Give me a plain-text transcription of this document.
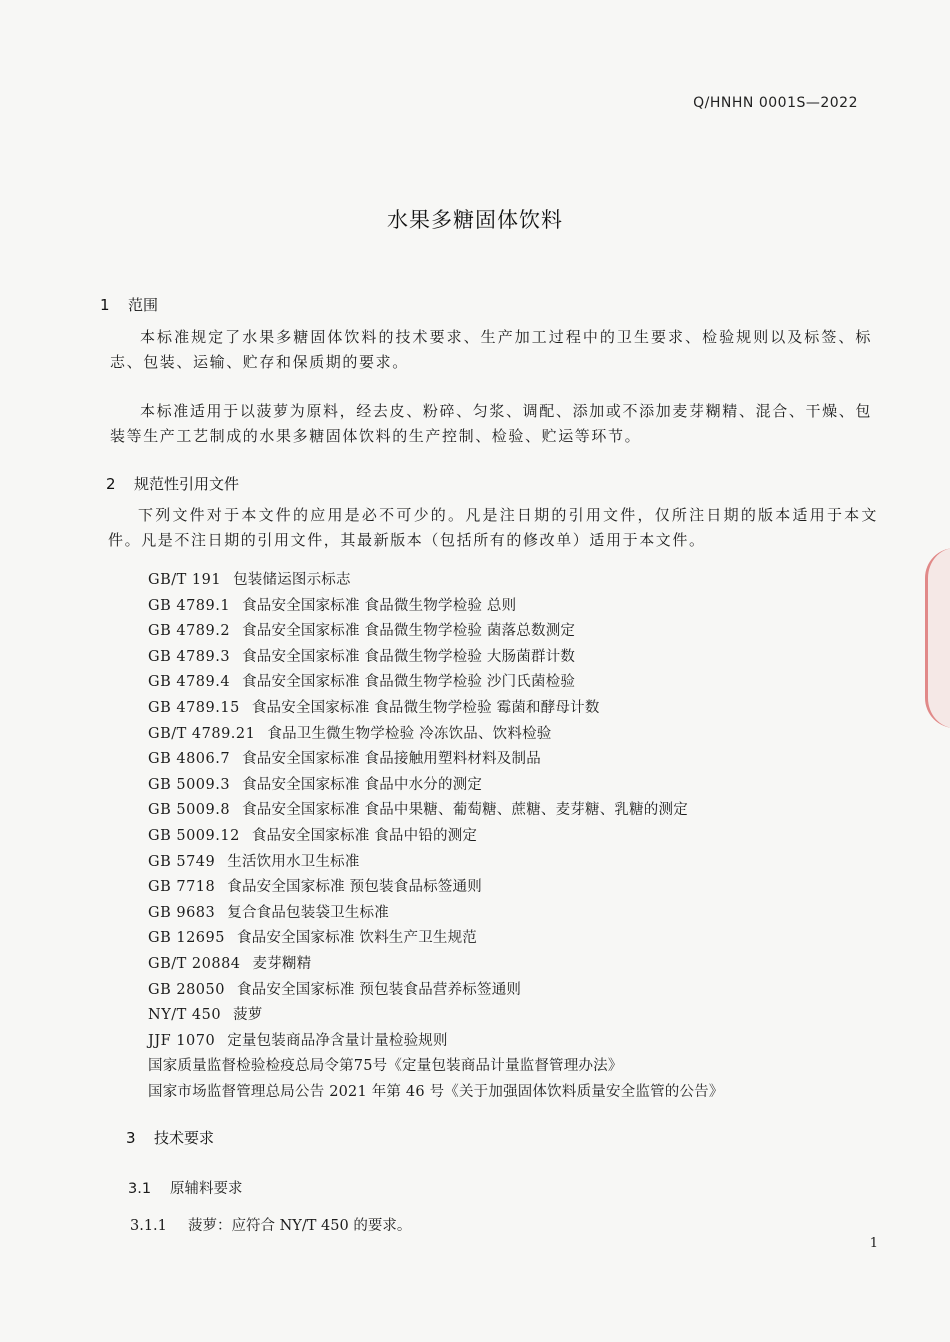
Q/HNHN 0001S—2022
水果多糖固体饮料
1 范围
本标准规定了水果多糖固体饮料的技术要求、生产加工过程中的卫生要求、检验规则以及标签、标志、包装、运输、贮存和保质期的要求。
本标准适用于以菠萝为原料，经去皮、粉碎、匀浆、调配、添加或不添加麦芽糊精、混合、干燥、包装等生产工艺制成的水果多糖固体饮料的生产控制、检验、贮运等环节。
2 规范性引用文件
下列文件对于本文件的应用是必不可少的。凡是注日期的引用文件，仅所注日期的版本适用于本文件。凡是不注日期的引用文件，其最新版本（包括所有的修改单）适用于本文件。
GB/T 191 包装储运图示标志
GB 4789.1 食品安全国家标准 食品微生物学检验 总则
GB 4789.2 食品安全国家标准 食品微生物学检验 菌落总数测定
GB 4789.3 食品安全国家标准 食品微生物学检验 大肠菌群计数
GB 4789.4 食品安全国家标准 食品微生物学检验 沙门氏菌检验
GB 4789.15 食品安全国家标准 食品微生物学检验 霉菌和酵母计数
GB/T 4789.21 食品卫生微生物学检验 冷冻饮品、饮料检验
GB 4806.7 食品安全国家标准 食品接触用塑料材料及制品
GB 5009.3 食品安全国家标准 食品中水分的测定
GB 5009.8 食品安全国家标准 食品中果糖、葡萄糖、蔗糖、麦芽糖、乳糖的测定
GB 5009.12 食品安全国家标准 食品中铅的测定
GB 5749 生活饮用水卫生标准
GB 7718 食品安全国家标准 预包装食品标签通则
GB 9683 复合食品包装袋卫生标准
GB 12695 食品安全国家标准 饮料生产卫生规范
GB/T 20884 麦芽糊精
GB 28050 食品安全国家标准 预包装食品营养标签通则
NY/T 450 菠萝
JJF 1070 定量包装商品净含量计量检验规则
国家质量监督检验检疫总局令第75号《定量包装商品计量监督管理办法》
国家市场监督管理总局公告 2021 年第 46 号《关于加强固体饮料质量安全监管的公告》
3 技术要求
3.1 原辅料要求
3.1.1 菠萝：应符合 NY/T 450 的要求。
1
